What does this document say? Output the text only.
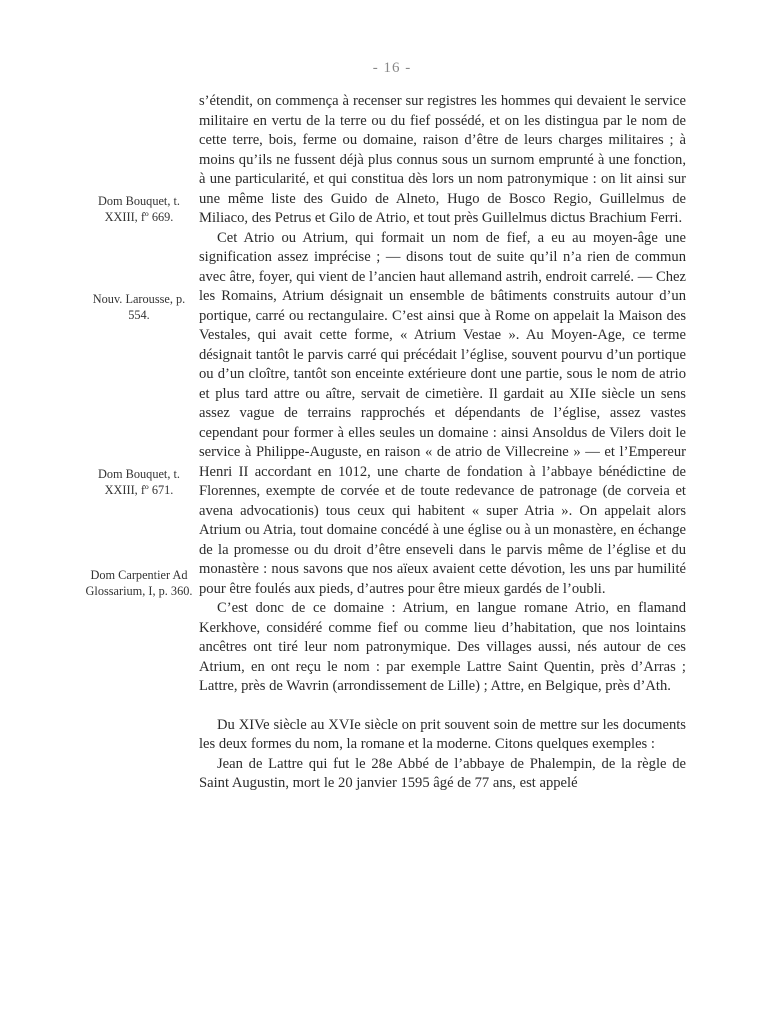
- 16 -
Dom Bouquet, t. XXIII, fº 669.
Nouv. Larousse, p. 554.
Dom Bouquet, t. XXIII, fº 671.
Dom Carpentier Ad Glossarium, I, p. 360.

s’étendit, on commença à recenser sur registres les hommes qui devaient le service militaire en vertu de la terre ou du fief possédé, et on les distingua par le nom de cette terre, bois, ferme ou domaine, raison d’être de leurs charges militaires ; à moins qu’ils ne fussent déjà plus connus sous un surnom emprunté à une fonction, à une particularité, et qui constitua dès lors un nom patronymique : on lit ainsi sur une même liste des Guido de Alneto, Hugo de Bosco Regio, Guillelmus de Miliaco, des Petrus et Gilo de Atrio, et tout près Guillelmus dictus Brachium Ferri.

Cet Atrio ou Atrium, qui formait un nom de fief, a eu au moyen-âge une signification assez imprécise ; — disons tout de suite qu’il n’a rien de commun avec âtre, foyer, qui vient de l’ancien haut allemand astrih, endroit carrelé. — Chez les Romains, Atrium désignait un ensemble de bâtiments construits autour d’un portique, carré ou rectangulaire. C’est ainsi que à Rome on appelait la Maison des Vestales, qui avait cette forme, « Atrium Vestae ». Au Moyen-Age, ce terme désignait tantôt le parvis carré qui précédait l’église, souvent pourvu d’un portique ou d’un cloître, tantôt son enceinte extérieure dont une partie, sous le nom de atrio et plus tard attre ou aître, servait de cimetière. Il gardait au XIIe siècle un sens assez vague de terrains rapprochés et dépendants de l’église, assez vastes cependant pour former à elles seules un domaine : ainsi Ansoldus de Vilers doit le service à Philippe-Auguste, en raison « de atrio de Villecreine » — et l’Empereur Henri II accordant en 1012, une charte de fondation à l’abbaye bénédictine de Florennes, exempte de corvée et de toute redevance de patronage (de corveia et avena advocationis) tous ceux qui habitent « super Atria ». On appelait alors Atrium ou Atria, tout domaine concédé à une église ou à un monastère, en échange de la promesse ou du droit d’être enseveli dans le parvis même de l’église et du monastère : nous savons que nos aïeux avaient cette dévotion, les uns par humilité pour être foulés aux pieds, d’autres pour être mieux gardés de l’oubli.

C’est donc de ce domaine : Atrium, en langue romane Atrio, en flamand Kerkhove, considéré comme fief ou comme lieu d’habitation, que nos lointains ancêtres ont tiré leur nom patronymique. Des villages aussi, nés autour de ces Atrium, en ont reçu le nom : par exemple Lattre Saint Quentin, près d’Arras ; Lattre, près de Wavrin (arrondissement de Lille) ; Attre, en Belgique, près d’Ath.

Du XIVe siècle au XVIe siècle on prit souvent soin de mettre sur les documents les deux formes du nom, la romane et la moderne. Citons quelques exemples :

Jean de Lattre qui fut le 28e Abbé de l’abbaye de Phalempin, de la règle de Saint Augustin, mort le 20 janvier 1595 âgé de 77 ans, est appelé
